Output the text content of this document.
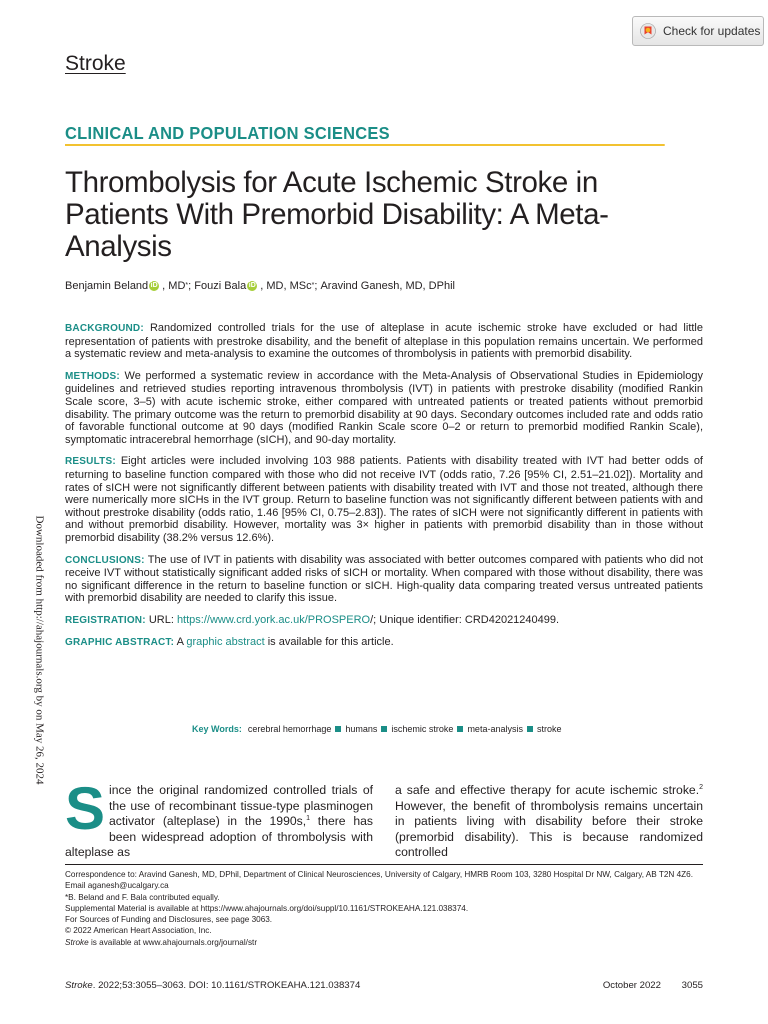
Downloaded from http://ahajournals.org by on May 26, 2024
Check for updates
Stroke
CLINICAL AND POPULATION SCIENCES
Thrombolysis for Acute Ischemic Stroke in Patients With Premorbid Disability: A Meta-Analysis
Benjamin Beland iD , MD * ; Fouzi Bala iD , MD, MSc * ; Aravind Ganesh, MD, DPhil

BACKGROUND: Randomized controlled trials for the use of alteplase in acute ischemic stroke have excluded or had little representation of patients with prestroke disability, and the benefit of alteplase in this population remains uncertain. We performed a systematic review and meta-analysis to examine the outcomes of thrombolysis in patients with premorbid disability.

METHODS: We performed a systematic review in accordance with the Meta-Analysis of Observational Studies in Epidemiology guidelines and retrieved studies reporting intravenous thrombolysis (IVT) in patients with prestroke disability (modified Rankin Scale score, 3–5) with acute ischemic stroke, either compared with untreated patients or treated patients without premorbid disability. The primary outcome was the return to premorbid disability at 90 days. Secondary outcomes included rate and odds ratio of favorable functional outcome at 90 days (modified Rankin Scale score 0–2 or return to premorbid modified Rankin Scale), symptomatic intracerebral hemorrhage (sICH), and 90-day mortality.

RESULTS: Eight articles were included involving 103 988 patients. Patients with disability treated with IVT had better odds of returning to baseline function compared with those who did not receive IVT (odds ratio, 7.26 [95% CI, 2.51–21.02]). Mortality and rates of sICH were not significantly different between patients with disability treated with IVT and those not treated, although there were numerically more sICHs in the IVT group. Return to baseline function was not significantly different between patients with and without prestroke disability (odds ratio, 1.46 [95% CI, 0.75–2.83]). The rates of sICH were not significantly different in patients with and without premorbid disability. However, mortality was 3× higher in patients with premorbid disability than in those without premorbid disability (38.2% versus 12.6%).

CONCLUSIONS: The use of IVT in patients with disability was associated with better outcomes compared with patients who did not receive IVT without statistically significant added risks of sICH or mortality. When compared with those without disability, there was no significant difference in the return to baseline function or sICH. High-quality data comparing treated versus untreated patients with premorbid disability are needed to clarify this issue.

REGISTRATION: URL: https://www.crd.york.ac.uk/PROSPERO/; Unique identifier: CRD42021240499.

GRAPHIC ABSTRACT: A graphic abstract is available for this article.

Key Words: cerebral hemorrhage humans ischemic stroke meta-analysis stroke
Since the original randomized controlled trials of the use of recombinant tissue-type plasminogen activator (alteplase) in the 1990s,$^1$ there has been widespread adoption of thrombolysis with alteplase as
a safe and effective therapy for acute ischemic stroke.$^2$ However, the benefit of thrombolysis remains uncertain in patients living with disability before their stroke (premorbid disability). This is because randomized controlled
Correspondence to: Aravind Ganesh, MD, DPhil, Department of Clinical Neurosciences, University of Calgary, HMRB Room 103, 3280 Hospital Dr NW, Calgary, AB T2N 4Z6. Email aganesh@ucalgary.ca
*B. Beland and F. Bala contributed equally.
Supplemental Material is available at https://www.ahajournals.org/doi/suppl/10.1161/STROKEAHA.121.038374.
For Sources of Funding and Disclosures, see page 3063.
© 2022 American Heart Association, Inc.
Stroke is available at www.ahajournals.org/journal/str
Stroke. 2022;53:3055–3063. DOI: 10.1161/STROKEAHA.121.038374	October 2022 3055
